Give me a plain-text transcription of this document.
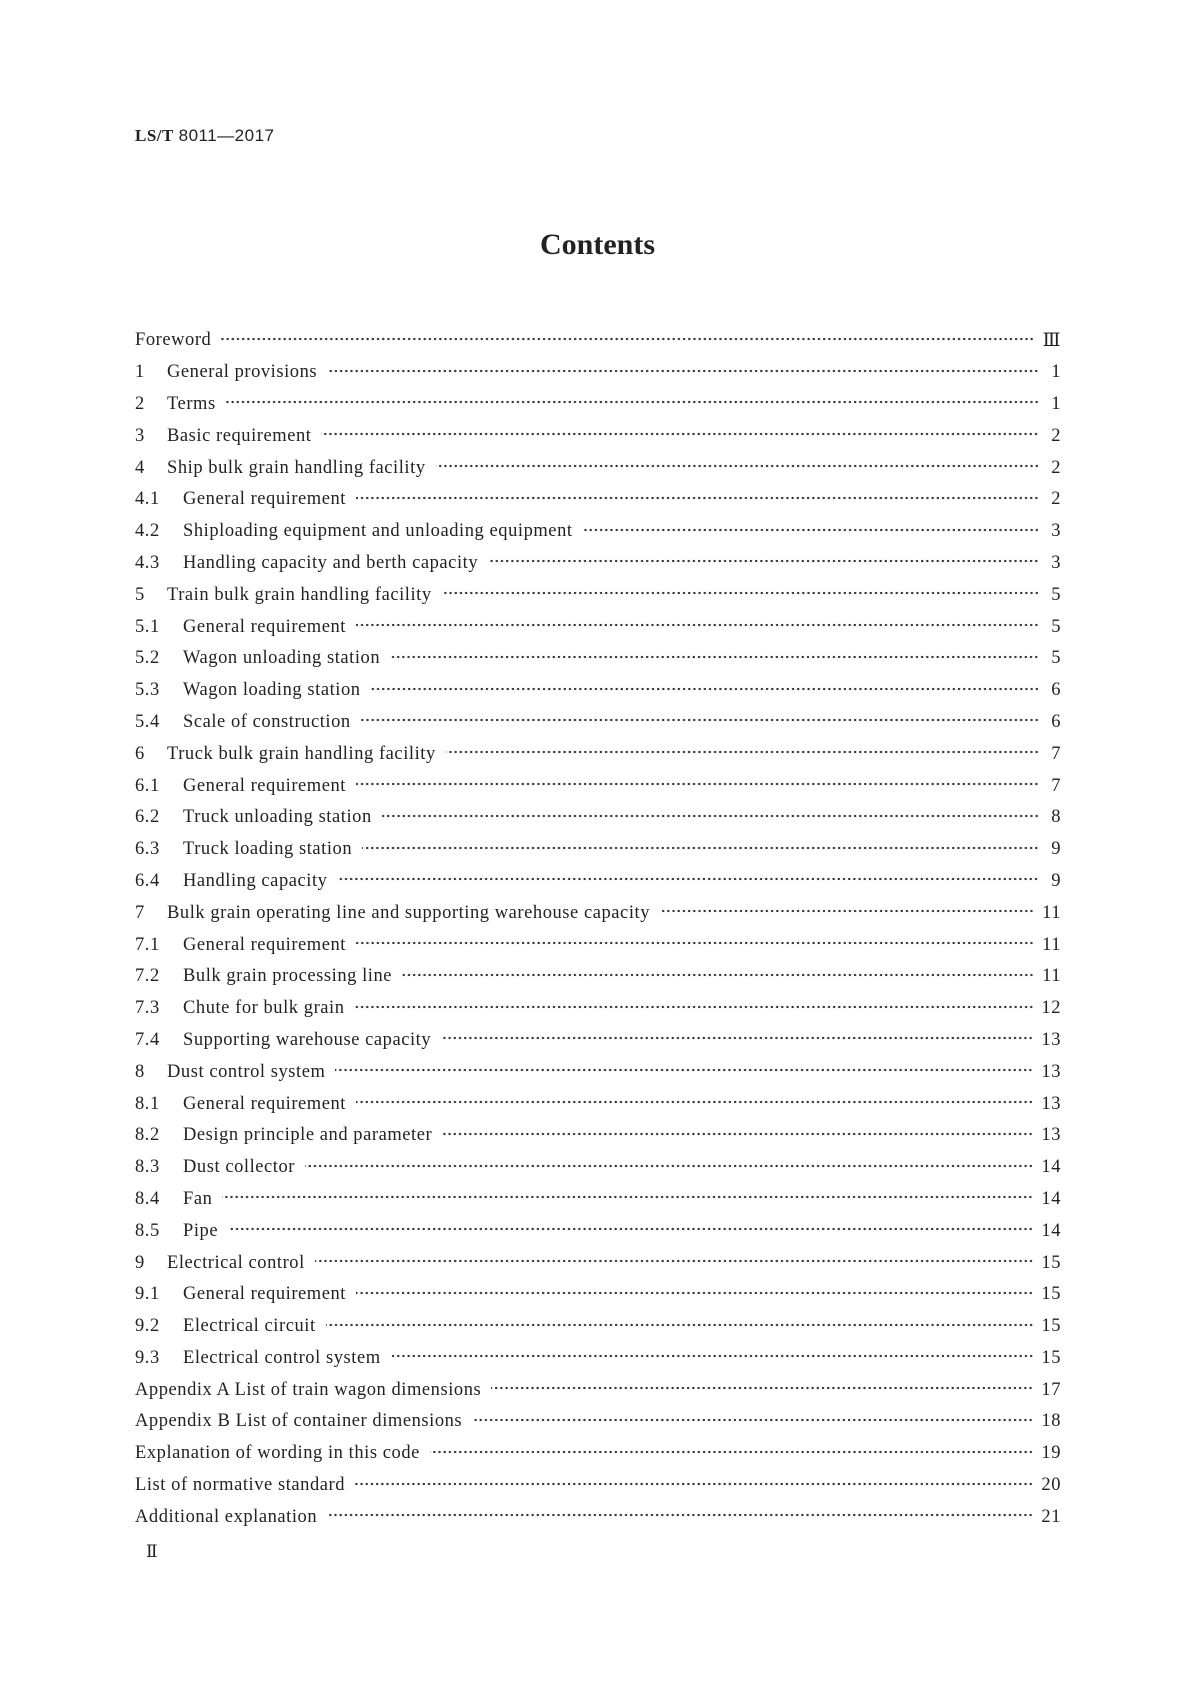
LS/T 8011—2017
Contents
Foreword	Ⅲ
1	General provisions	1
2	Terms	1
3	Basic requirement	2
4	Ship bulk grain handling facility	2
4.1	General requirement	2
4.2	Shiploading equipment and unloading equipment	3
4.3	Handling capacity and berth capacity	3
5	Train bulk grain handling facility	5
5.1	General requirement	5
5.2	Wagon unloading station	5
5.3	Wagon loading station	6
5.4	Scale of construction	6
6	Truck bulk grain handling facility	7
6.1	General requirement	7
6.2	Truck unloading station	8
6.3	Truck loading station	9
6.4	Handling capacity	9
7	Bulk grain operating line and supporting warehouse capacity	11
7.1	General requirement	11
7.2	Bulk grain processing line	11
7.3	Chute for bulk grain	12
7.4	Supporting warehouse capacity	13
8	Dust control system	13
8.1	General requirement	13
8.2	Design principle and parameter	13
8.3	Dust collector	14
8.4	Fan	14
8.5	Pipe	14
9	Electrical control	15
9.1	General requirement	15
9.2	Electrical circuit	15
9.3	Electrical control system	15
Appendix A List of train wagon dimensions	17
Appendix B List of container dimensions	18
Explanation of wording in this code	19
List of normative standard	20
Additional explanation	21
Ⅱ
